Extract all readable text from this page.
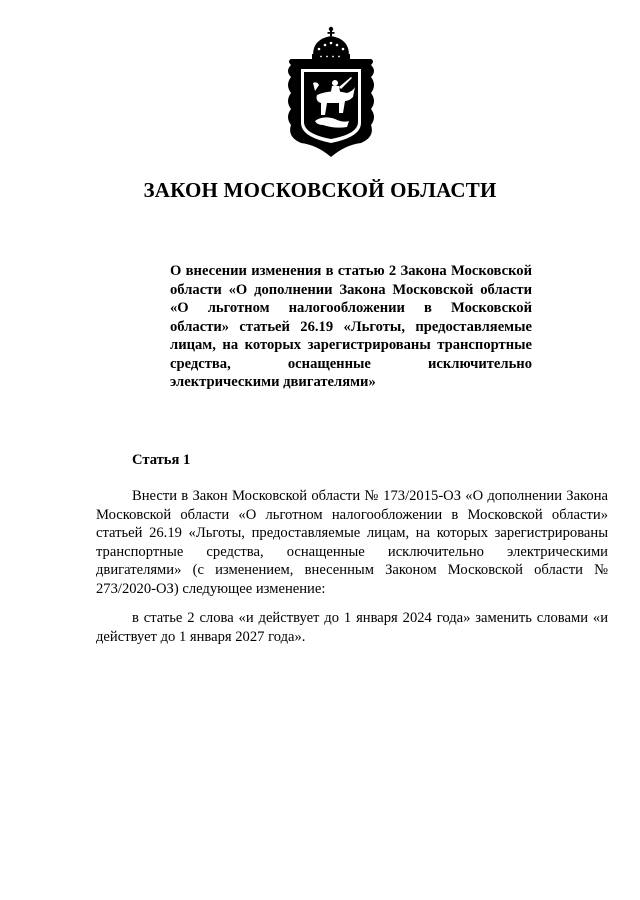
ЗАКОН МОСКОВСКОЙ ОБЛАСТИ

О внесении изменения в статью 2 Закона Московской области «О дополнении Закона Московской области «О льготном налогообложении в Московской области» статьей 26.19 «Льготы, предоставляемые лицам, на которых зарегистрированы транспортные средства, оснащенные исключительно электрическими двигателями»

Статья 1

Внести в Закон Московской области № 173/2015-ОЗ «О дополнении Закона Московской области «О льготном налогообложении в Московской области» статьей 26.19 «Льготы, предоставляемые лицам, на которых зарегистрированы транспортные средства, оснащенные исключительно электрическими двигателями» (с изменением, внесенным Законом Московской области № 273/2020-ОЗ) следующее изменение:

в статье 2 слова «и действует до 1 января 2024 года» заменить словами «и действует до 1 января 2027 года».
